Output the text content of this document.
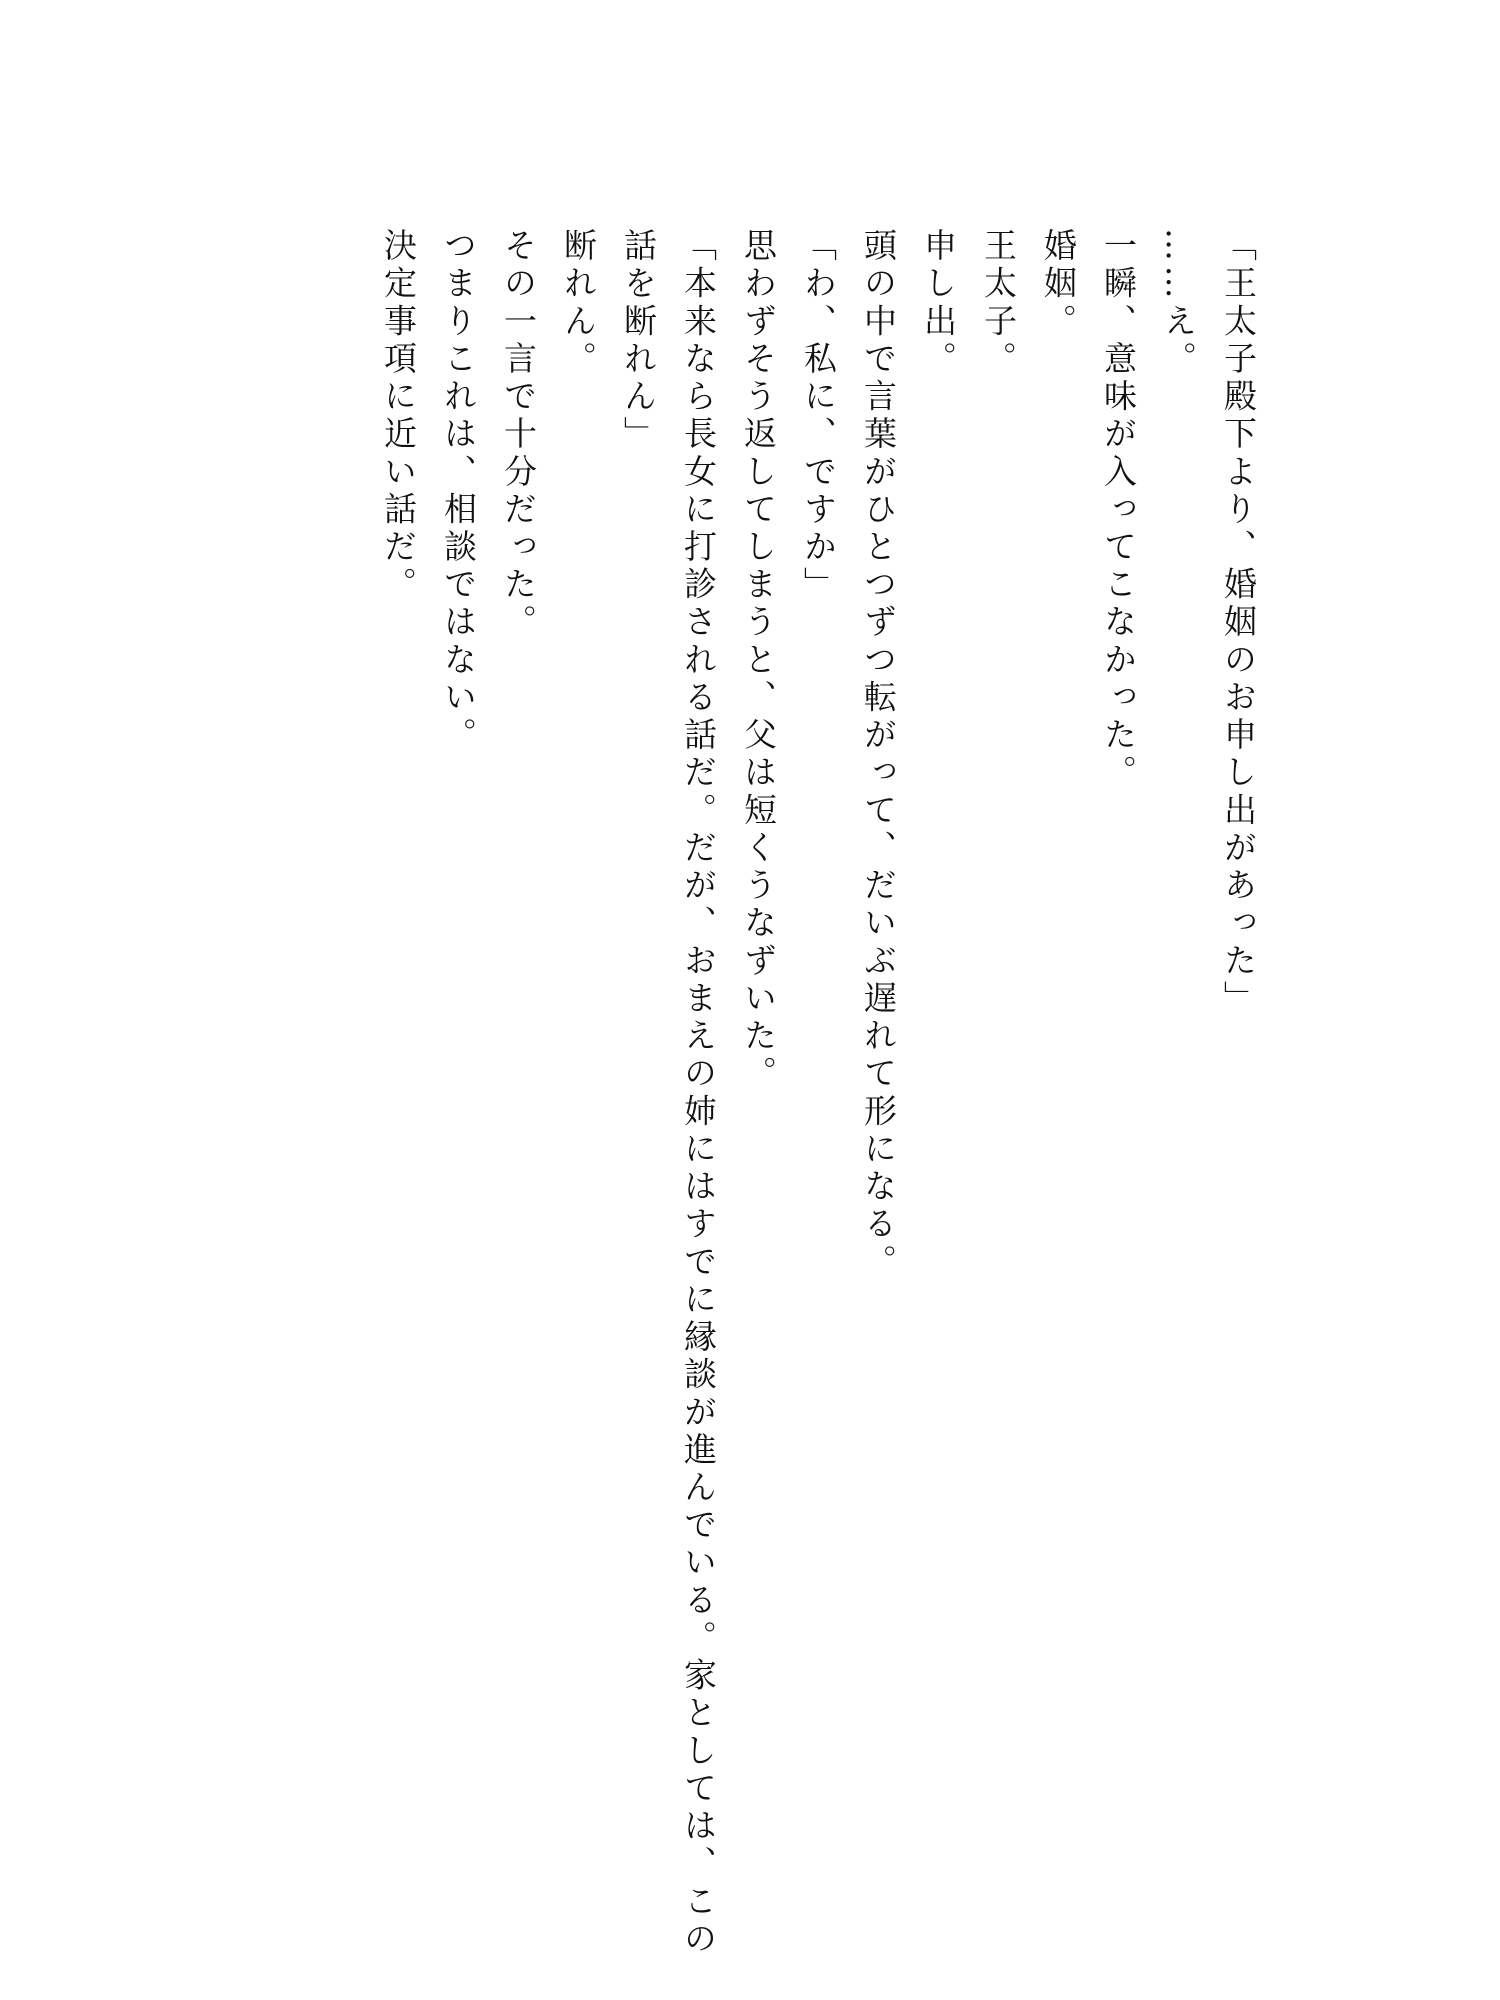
「王太子殿下より、婚姻のお申し出があった」
……え。
一瞬、意味が入ってこなかった。
婚姻。
王太子。
申し出。
頭の中で言葉がひとつずつ転がって、だいぶ遅れて形になる。
「わ、私に、ですか」
思わずそう返してしまうと、父は短くうなずいた。
「本来なら長女に打診される話だ。だが、おまえの姉にはすでに縁談が進んでいる。家としては、この
話を断れん」
断れん。
その一言で十分だった。
つまりこれは、相談ではない。
決定事項に近い話だ。
